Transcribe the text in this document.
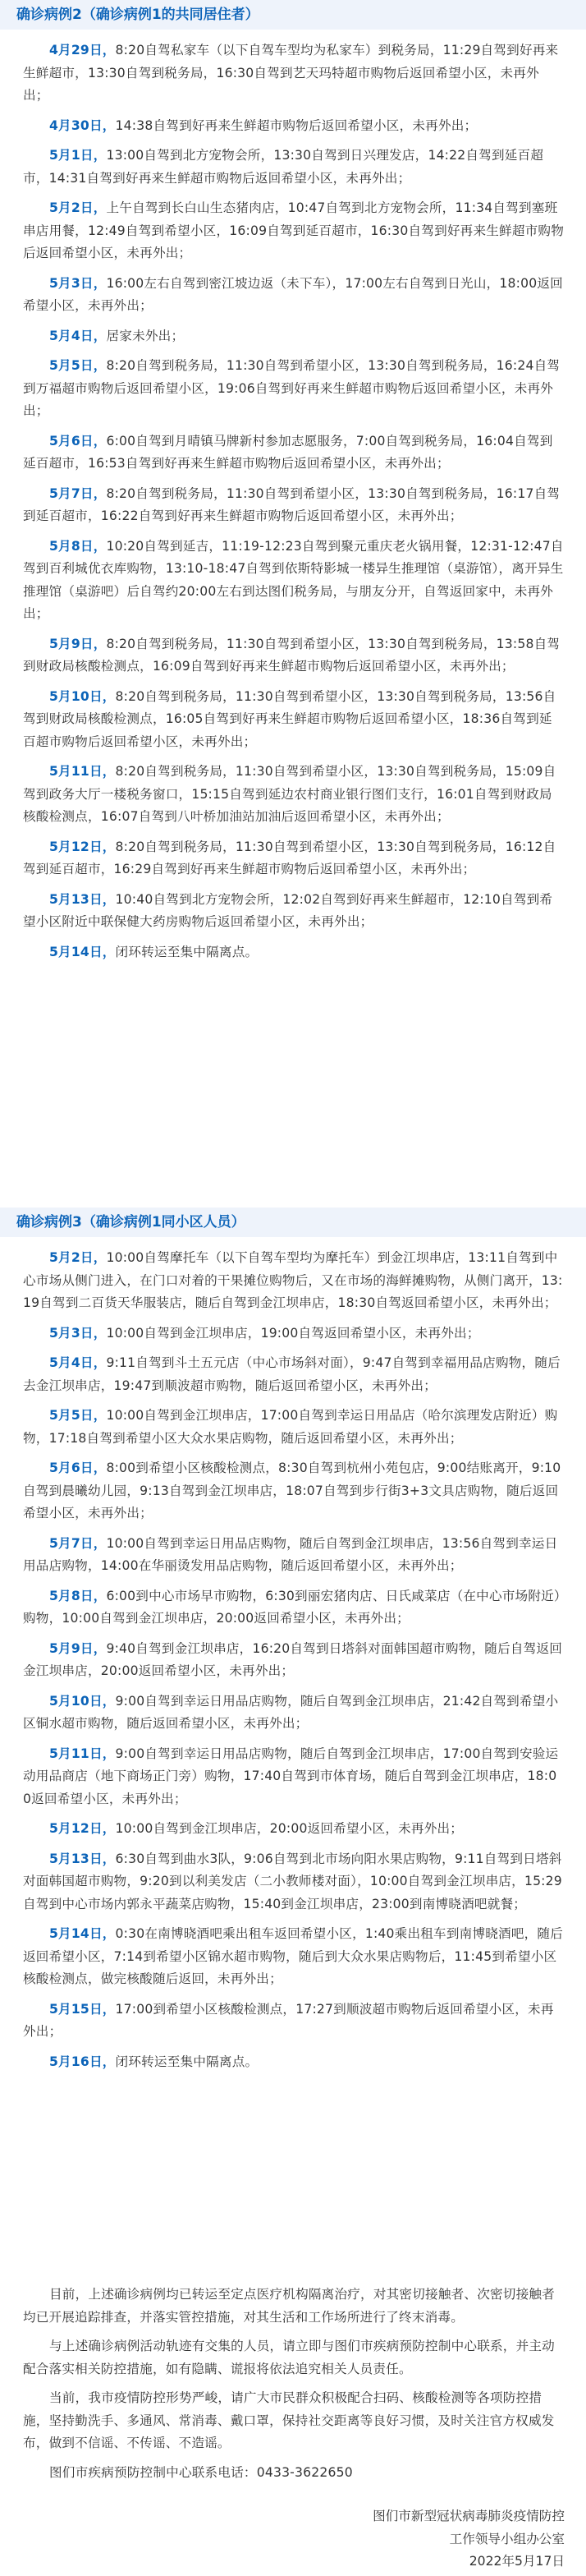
确诊病例2（确诊病例1的共同居住者）

4月29日，8:20自驾私家车（以下自驾车型均为私家车）到税务局，11:29自驾到好再来生鲜超市，13:30自驾到税务局，16:30自驾到艺天玛特超市购物后返回希望小区，未再外出；

4月30日，14:38自驾到好再来生鲜超市购物后返回希望小区，未再外出；

5月1日，13:00自驾到北方宠物会所，13:30自驾到日兴理发店，14:22自驾到延百超市，14:31自驾到好再来生鲜超市购物后返回希望小区，未再外出；

5月2日，上午自驾到长白山生态猪肉店，10:47自驾到北方宠物会所，11:34自驾到塞班串店用餐，12:49自驾到希望小区，16:09自驾到延百超市，16:30自驾到好再来生鲜超市购物后返回希望小区，未再外出；

5月3日，16:00左右自驾到密江坡边返（未下车），17:00左右自驾到日光山，18:00返回希望小区，未再外出；

5月4日，居家未外出；

5月5日，8:20自驾到税务局，11:30自驾到希望小区，13:30自驾到税务局，16:24自驾到万福超市购物后返回希望小区，19:06自驾到好再来生鲜超市购物后返回希望小区，未再外出；

5月6日，6:00自驾到月晴镇马牌新村参加志愿服务，7:00自驾到税务局，16:04自驾到延百超市，16:53自驾到好再来生鲜超市购物后返回希望小区，未再外出；

5月7日，8:20自驾到税务局，11:30自驾到希望小区，13:30自驾到税务局，16:17自驾到延百超市，16:22自驾到好再来生鲜超市购物后返回希望小区，未再外出；

5月8日，10:20自驾到延吉，11:19-12:23自驾到聚元重庆老火锅用餐，12:31-12:47自驾到百利城优衣库购物，13:10-18:47自驾到依斯特影城一楼异生推理馆（桌游馆），离开异生推理馆（桌游吧）后自驾约20:00左右到达图们税务局，与朋友分开，自驾返回家中，未再外出；

5月9日，8:20自驾到税务局，11:30自驾到希望小区，13:30自驾到税务局，13:58自驾到财政局核酸检测点，16:09自驾到好再来生鲜超市购物后返回希望小区，未再外出；

5月10日，8:20自驾到税务局，11:30自驾到希望小区，13:30自驾到税务局，13:56自驾到财政局核酸检测点，16:05自驾到好再来生鲜超市购物后返回希望小区，18:36自驾到延百超市购物后返回希望小区，未再外出；

5月11日，8:20自驾到税务局，11:30自驾到希望小区，13:30自驾到税务局，15:09自驾到政务大厅一楼税务窗口，15:15自驾到延边农村商业银行图们支行，16:01自驾到财政局核酸检测点，16:07自驾到八叶桥加油站加油后返回希望小区，未再外出；

5月12日，8:20自驾到税务局，11:30自驾到希望小区，13:30自驾到税务局，16:12自驾到延百超市，16:29自驾到好再来生鲜超市购物后返回希望小区，未再外出；

5月13日，10:40自驾到北方宠物会所，12:02自驾到好再来生鲜超市，12:10自驾到希望小区附近中联保健大药房购物后返回希望小区，未再外出；

5月14日，闭环转运至集中隔离点。

确诊病例3（确诊病例1同小区人员）

5月2日，10:00自驾摩托车（以下自驾车型均为摩托车）到金江坝串店，13:11自驾到中心市场从侧门进入，在门口对着的干果摊位购物后，又在市场的海鲜摊购物，从侧门离开，13:19自驾到二百货天华服装店，随后自驾到金江坝串店，18:30自驾返回希望小区，未再外出；

5月3日，10:00自驾到金江坝串店，19:00自驾返回希望小区，未再外出；

5月4日，9:11自驾到斗土五元店（中心市场斜对面），9:47自驾到幸福用品店购物，随后去金江坝串店，19:47到顺波超市购物，随后返回希望小区，未再外出；

5月5日，10:00自驾到金江坝串店，17:00自驾到幸运日用品店（哈尔滨理发店附近）购物，17:18自驾到希望小区大众水果店购物，随后返回希望小区，未再外出；

5月6日，8:00到希望小区核酸检测点，8:30自驾到杭州小苑包店，9:00结账离开，9:10自驾到晨曦幼儿园，9:13自驾到金江坝串店，18:07自驾到步行街3+3文具店购物，随后返回希望小区，未再外出；

5月7日，10:00自驾到幸运日用品店购物，随后自驾到金江坝串店，13:56自驾到幸运日用品店购物，14:00在华丽烫发用品店购物，随后返回希望小区，未再外出；

5月8日，6:00到中心市场早市购物，6:30到丽宏猪肉店、日氏咸菜店（在中心市场附近）购物，10:00自驾到金江坝串店，20:00返回希望小区，未再外出；

5月9日，9:40自驾到金江坝串店，16:20自驾到日塔斜对面韩国超市购物，随后自驾返回金江坝串店，20:00返回希望小区，未再外出；

5月10日，9:00自驾到幸运日用品店购物，随后自驾到金江坝串店，21:42自驾到希望小区铜水超市购物，随后返回希望小区，未再外出；

5月11日，9:00自驾到幸运日用品店购物，随后自驾到金江坝串店，17:00自驾到安验运动用品商店（地下商场正门旁）购物，17:40自驾到市体育场，随后自驾到金江坝串店，18:00返回希望小区，未再外出；

5月12日，10:00自驾到金江坝串店，20:00返回希望小区，未再外出；

5月13日，6:30自驾到曲水3队，9:06自驾到北市场向阳水果店购物，9:11自驾到日塔斜对面韩国超市购物，9:20到以利美发店（二小教师楼对面），10:00自驾到金江坝串店，15:29自驾到中心市场内郭永平蔬菜店购物，15:40到金江坝串店，23:00到南博晓酒吧就餐；

5月14日，0:30在南博晓酒吧乘出租车返回希望小区，1:40乘出租车到南博晓酒吧，随后返回希望小区，7:14到希望小区锦水超市购物，随后到大众水果店购物后，11:45到希望小区核酸检测点，做完核酸随后返回，未再外出；

5月15日，17:00到希望小区核酸检测点，17:27到顺波超市购物后返回希望小区，未再外出；

5月16日，闭环转运至集中隔离点。

目前，上述确诊病例均已转运至定点医疗机构隔离治疗，对其密切接触者、次密切接触者均已开展追踪排查，并落实管控措施，对其生活和工作场所进行了终末消毒。

与上述确诊病例活动轨迹有交集的人员，请立即与图们市疾病预防控制中心联系，并主动配合落实相关防控措施，如有隐瞒、谎报将依法追究相关人员责任。

当前，我市疫情防控形势严峻，请广大市民群众积极配合扫码、核酸检测等各项防控措施，坚持勤洗手、多通风、常消毒、戴口罩，保持社交距离等良好习惯，及时关注官方权威发布，做到不信谣、不传谣、不造谣。

图们市疾病预防控制中心联系电话：0433-3622650

图们市新型冠状病毒肺炎疫情防控
工作领导小组办公室
2022年5月17日
